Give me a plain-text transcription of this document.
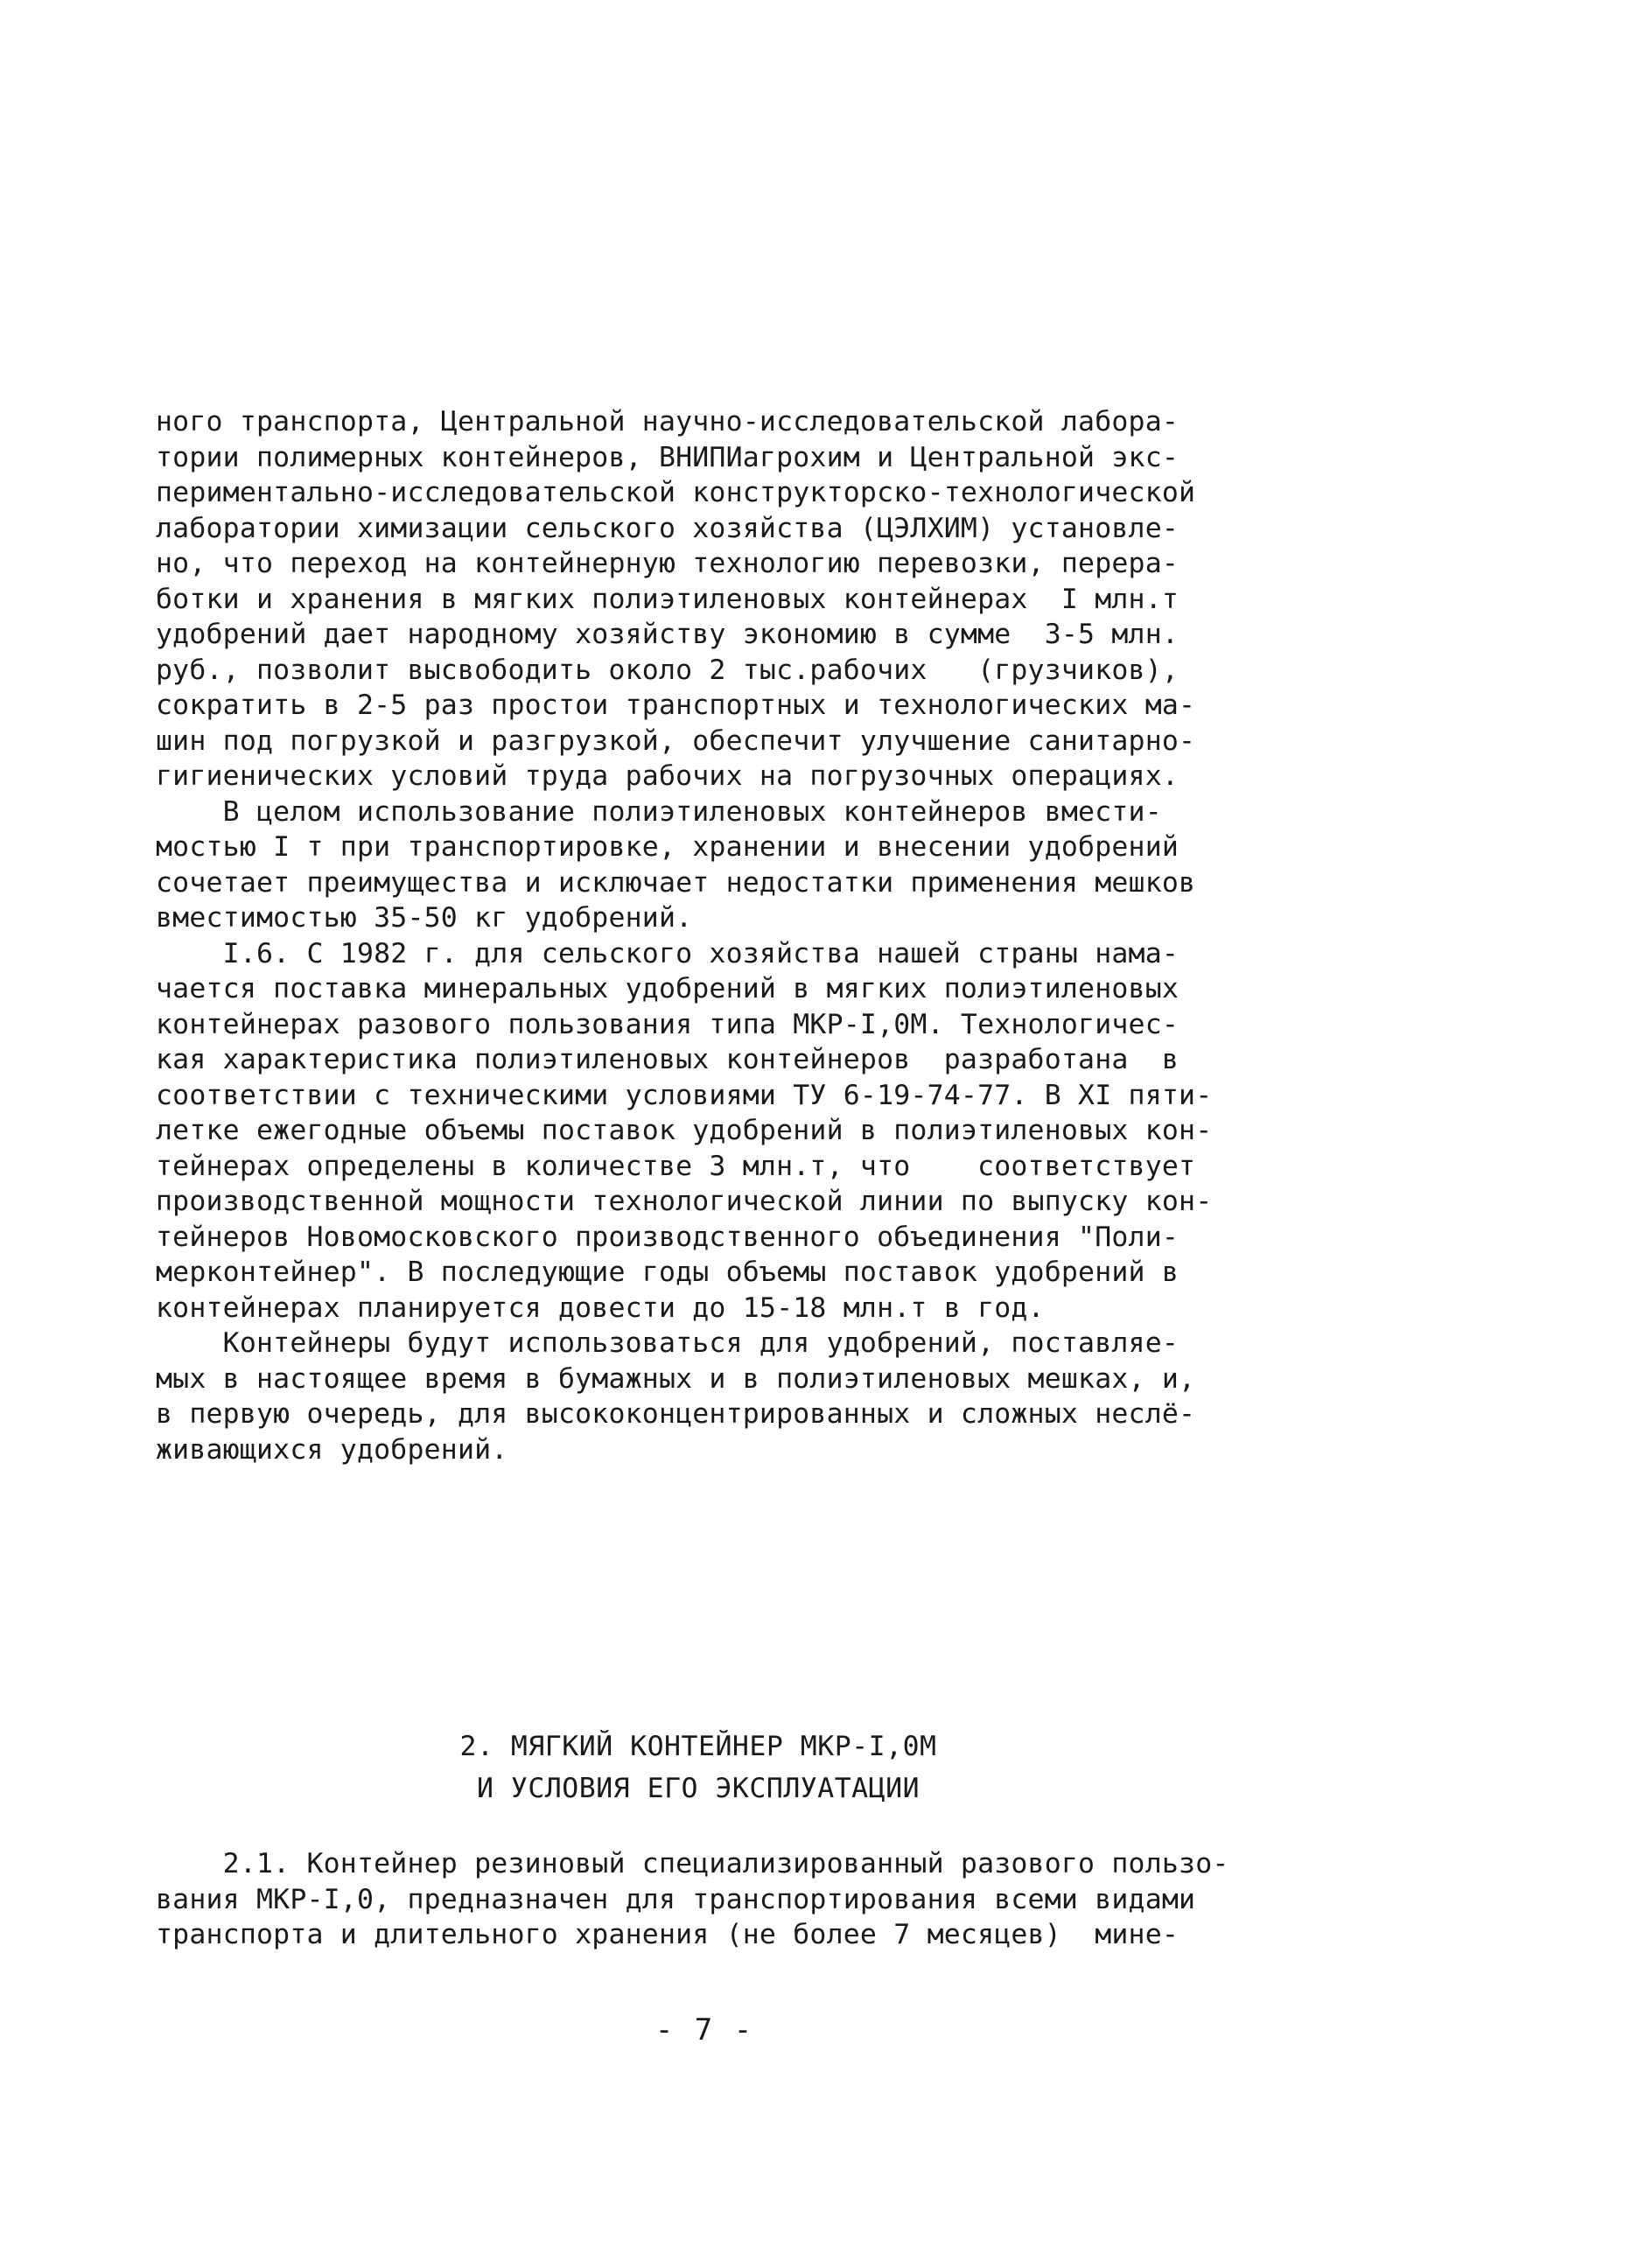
ного транспорта, Центральной научно-исследовательской лабора-
тории полимерных контейнеров, ВНИПИагрохим и Центральной экс-
периментально-исследовательской конструкторско-технологической
лаборатории химизации сельского хозяйства (ЦЭЛХИМ) установле-
но, что переход на контейнерную технологию перевозки, перера-
ботки и хранения в мягких полиэтиленовых контейнерах  I млн.т
удобрений дает народному хозяйству экономию в сумме  3-5 млн.
руб., позволит высвободить около 2 тыс.рабочих   (грузчиков),
сократить в 2-5 раз простои транспортных и технологических ма-
шин под погрузкой и разгрузкой, обеспечит улучшение санитарно-
гигиенических условий труда рабочих на погрузочных операциях.
В целом использование полиэтиленовых контейнеров вмести-
мостью I т при транспортировке, хранении и внесении удобрений
сочетает преимущества и исключает недостатки применения мешков
вместимостью 35-50 кг удобрений.
I.6. С 1982 г. для сельского хозяйства нашей страны нама-
чается поставка минеральных удобрений в мягких полиэтиленовых
контейнерах разового пользования типа МКР-I,0М. Технологичес-
кая характеристика полиэтиленовых контейнеров  разработана  в
соответствии с техническими условиями ТУ 6-19-74-77. В XI пяти-
летке ежегодные объемы поставок удобрений в полиэтиленовых кон-
тейнерах определены в количестве 3 млн.т, что    соответствует
производственной мощности технологической линии по выпуску кон-
тейнеров Новомосковского производственного объединения "Поли-
мерконтейнер". В последующие годы объемы поставок удобрений в
контейнерах планируется довести до 15-18 млн.т в год.
Контейнеры будут использоваться для удобрений, поставляе-
мых в настоящее время в бумажных и в полиэтиленовых мешках, и,
в первую очередь, для высококонцентрированных и сложных неслё-
живающихся удобрений.
2. МЯГКИЙ КОНТЕЙНЕР МКР-I,0М
И УСЛОВИЯ ЕГО ЭКСПЛУАТАЦИИ
2.1. Контейнер резиновый специализированный разового пользо-
вания МКР-I,0, предназначен для транспортирования всеми видами
транспорта и длительного хранения (не более 7 месяцев)  мине-
- 7 -
